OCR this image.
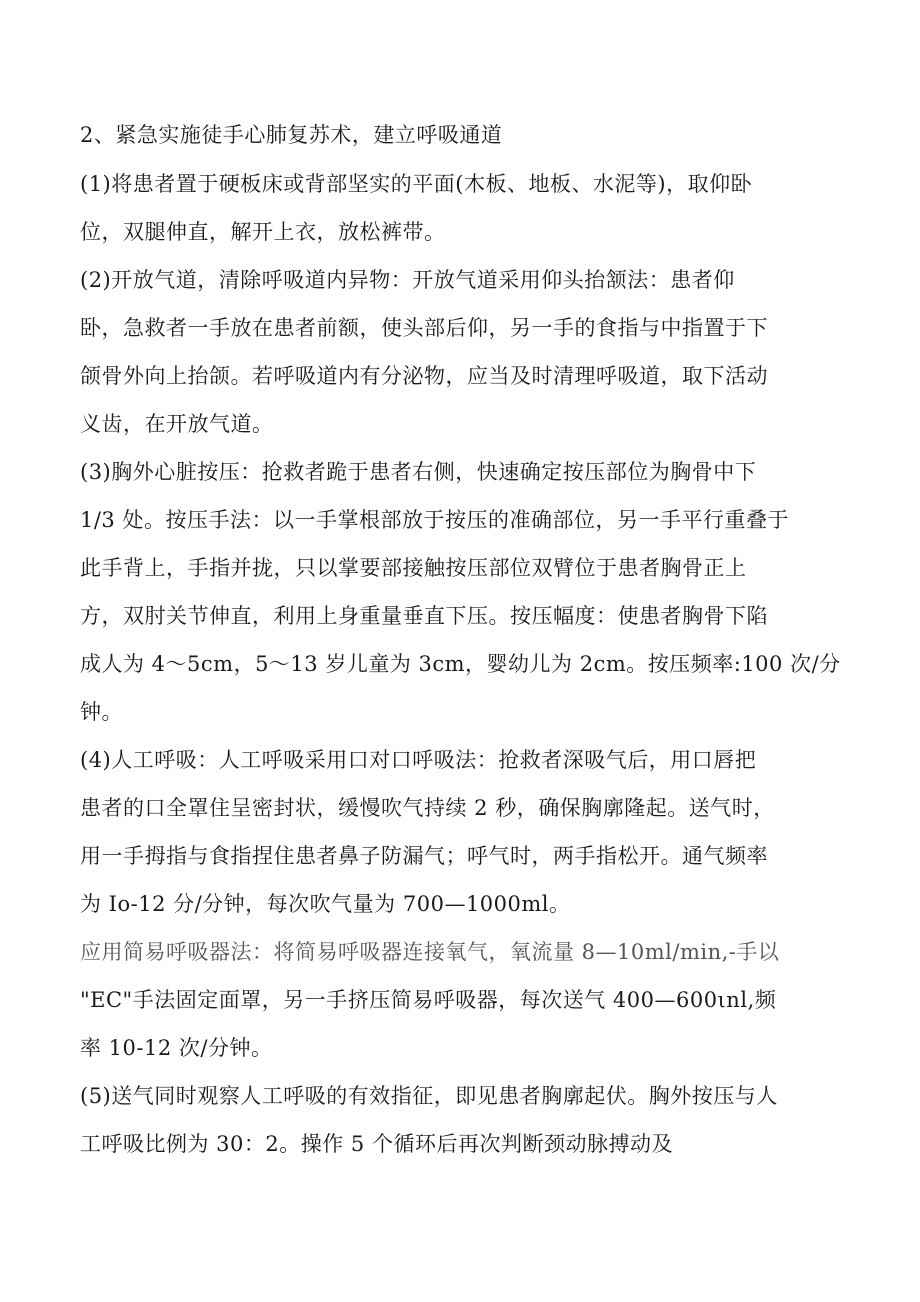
2、紧急实施徒手心肺复苏术，建立呼吸通道
(1)将患者置于硬板床或背部坚实的平面(木板、地板、水泥等)，取仰卧
位，双腿伸直，解开上衣，放松裤带。
(2)开放气道，清除呼吸道内异物：开放气道采用仰头抬颔法：患者仰
卧，急救者一手放在患者前额，使头部后仰，另一手的食指与中指置于下
颌骨外向上抬颌。若呼吸道内有分泌物，应当及时清理呼吸道，取下活动
义齿，在开放气道。
(3)胸外心脏按压：抢救者跪于患者右侧，快速确定按压部位为胸骨中下
1/3 处。按压手法：以一手掌根部放于按压的准确部位，另一手平行重叠于
此手背上，手指并拢，只以掌要部接触按压部位双臂位于患者胸骨正上
方，双肘关节伸直，利用上身重量垂直下压。按压幅度：使患者胸骨下陷
成人为 4～5cm，5～13 岁儿童为 3cm，婴幼儿为 2cm。按压频率:100 次/分
钟。
(4)人工呼吸：人工呼吸采用口对口呼吸法：抢救者深吸气后，用口唇把
患者的口全罩住呈密封状，缓慢吹气持续 2 秒，确保胸廓隆起。送气时，
用一手拇指与食指捏住患者鼻子防漏气；呼气时，两手指松开。通气频率
为 Io-12 分/分钟，每次吹气量为 700—1000ml。
应用简易呼吸器法：将简易呼吸器连接氧气，氧流量 8—10ml/min,-手以
"EC"手法固定面罩，另一手挤压简易呼吸器，每次送气 400—600ιnl,频
率 10-12 次/分钟。
(5)送气同时观察人工呼吸的有效指征，即见患者胸廓起伏。胸外按压与人
工呼吸比例为 30：2。操作 5 个循环后再次判断颈动脉搏动及
